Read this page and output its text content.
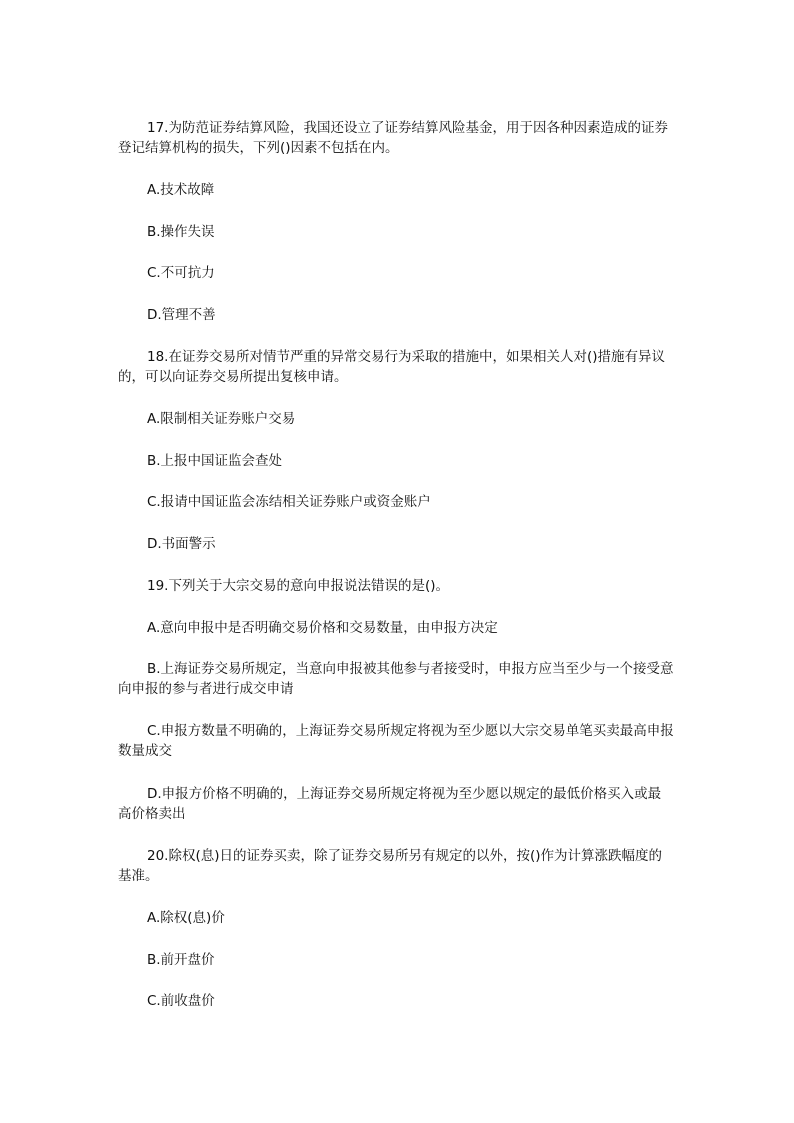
17.为防范证券结算风险，我国还设立了证券结算风险基金，用于因各种因素造成的证券登记结算机构的损失，下列()因素不包括在内。

A.技术故障

B.操作失误

C.不可抗力

D.管理不善

18.在证券交易所对情节严重的异常交易行为采取的措施中，如果相关人对()措施有异议的，可以向证券交易所提出复核申请。

A.限制相关证券账户交易

B.上报中国证监会查处

C.报请中国证监会冻结相关证券账户或资金账户

D.书面警示

19.下列关于大宗交易的意向申报说法错误的是()。

A.意向申报中是否明确交易价格和交易数量，由申报方决定

B.上海证券交易所规定，当意向申报被其他参与者接受时，申报方应当至少与一个接受意向申报的参与者进行成交申请

C.申报方数量不明确的，上海证券交易所规定将视为至少愿以大宗交易单笔买卖最高申报数量成交

D.申报方价格不明确的，上海证券交易所规定将视为至少愿以规定的最低价格买入或最高价格卖出

20.除权(息)日的证券买卖，除了证券交易所另有规定的以外，按()作为计算涨跌幅度的基准。

A.除权(息)价

B.前开盘价

C.前收盘价
